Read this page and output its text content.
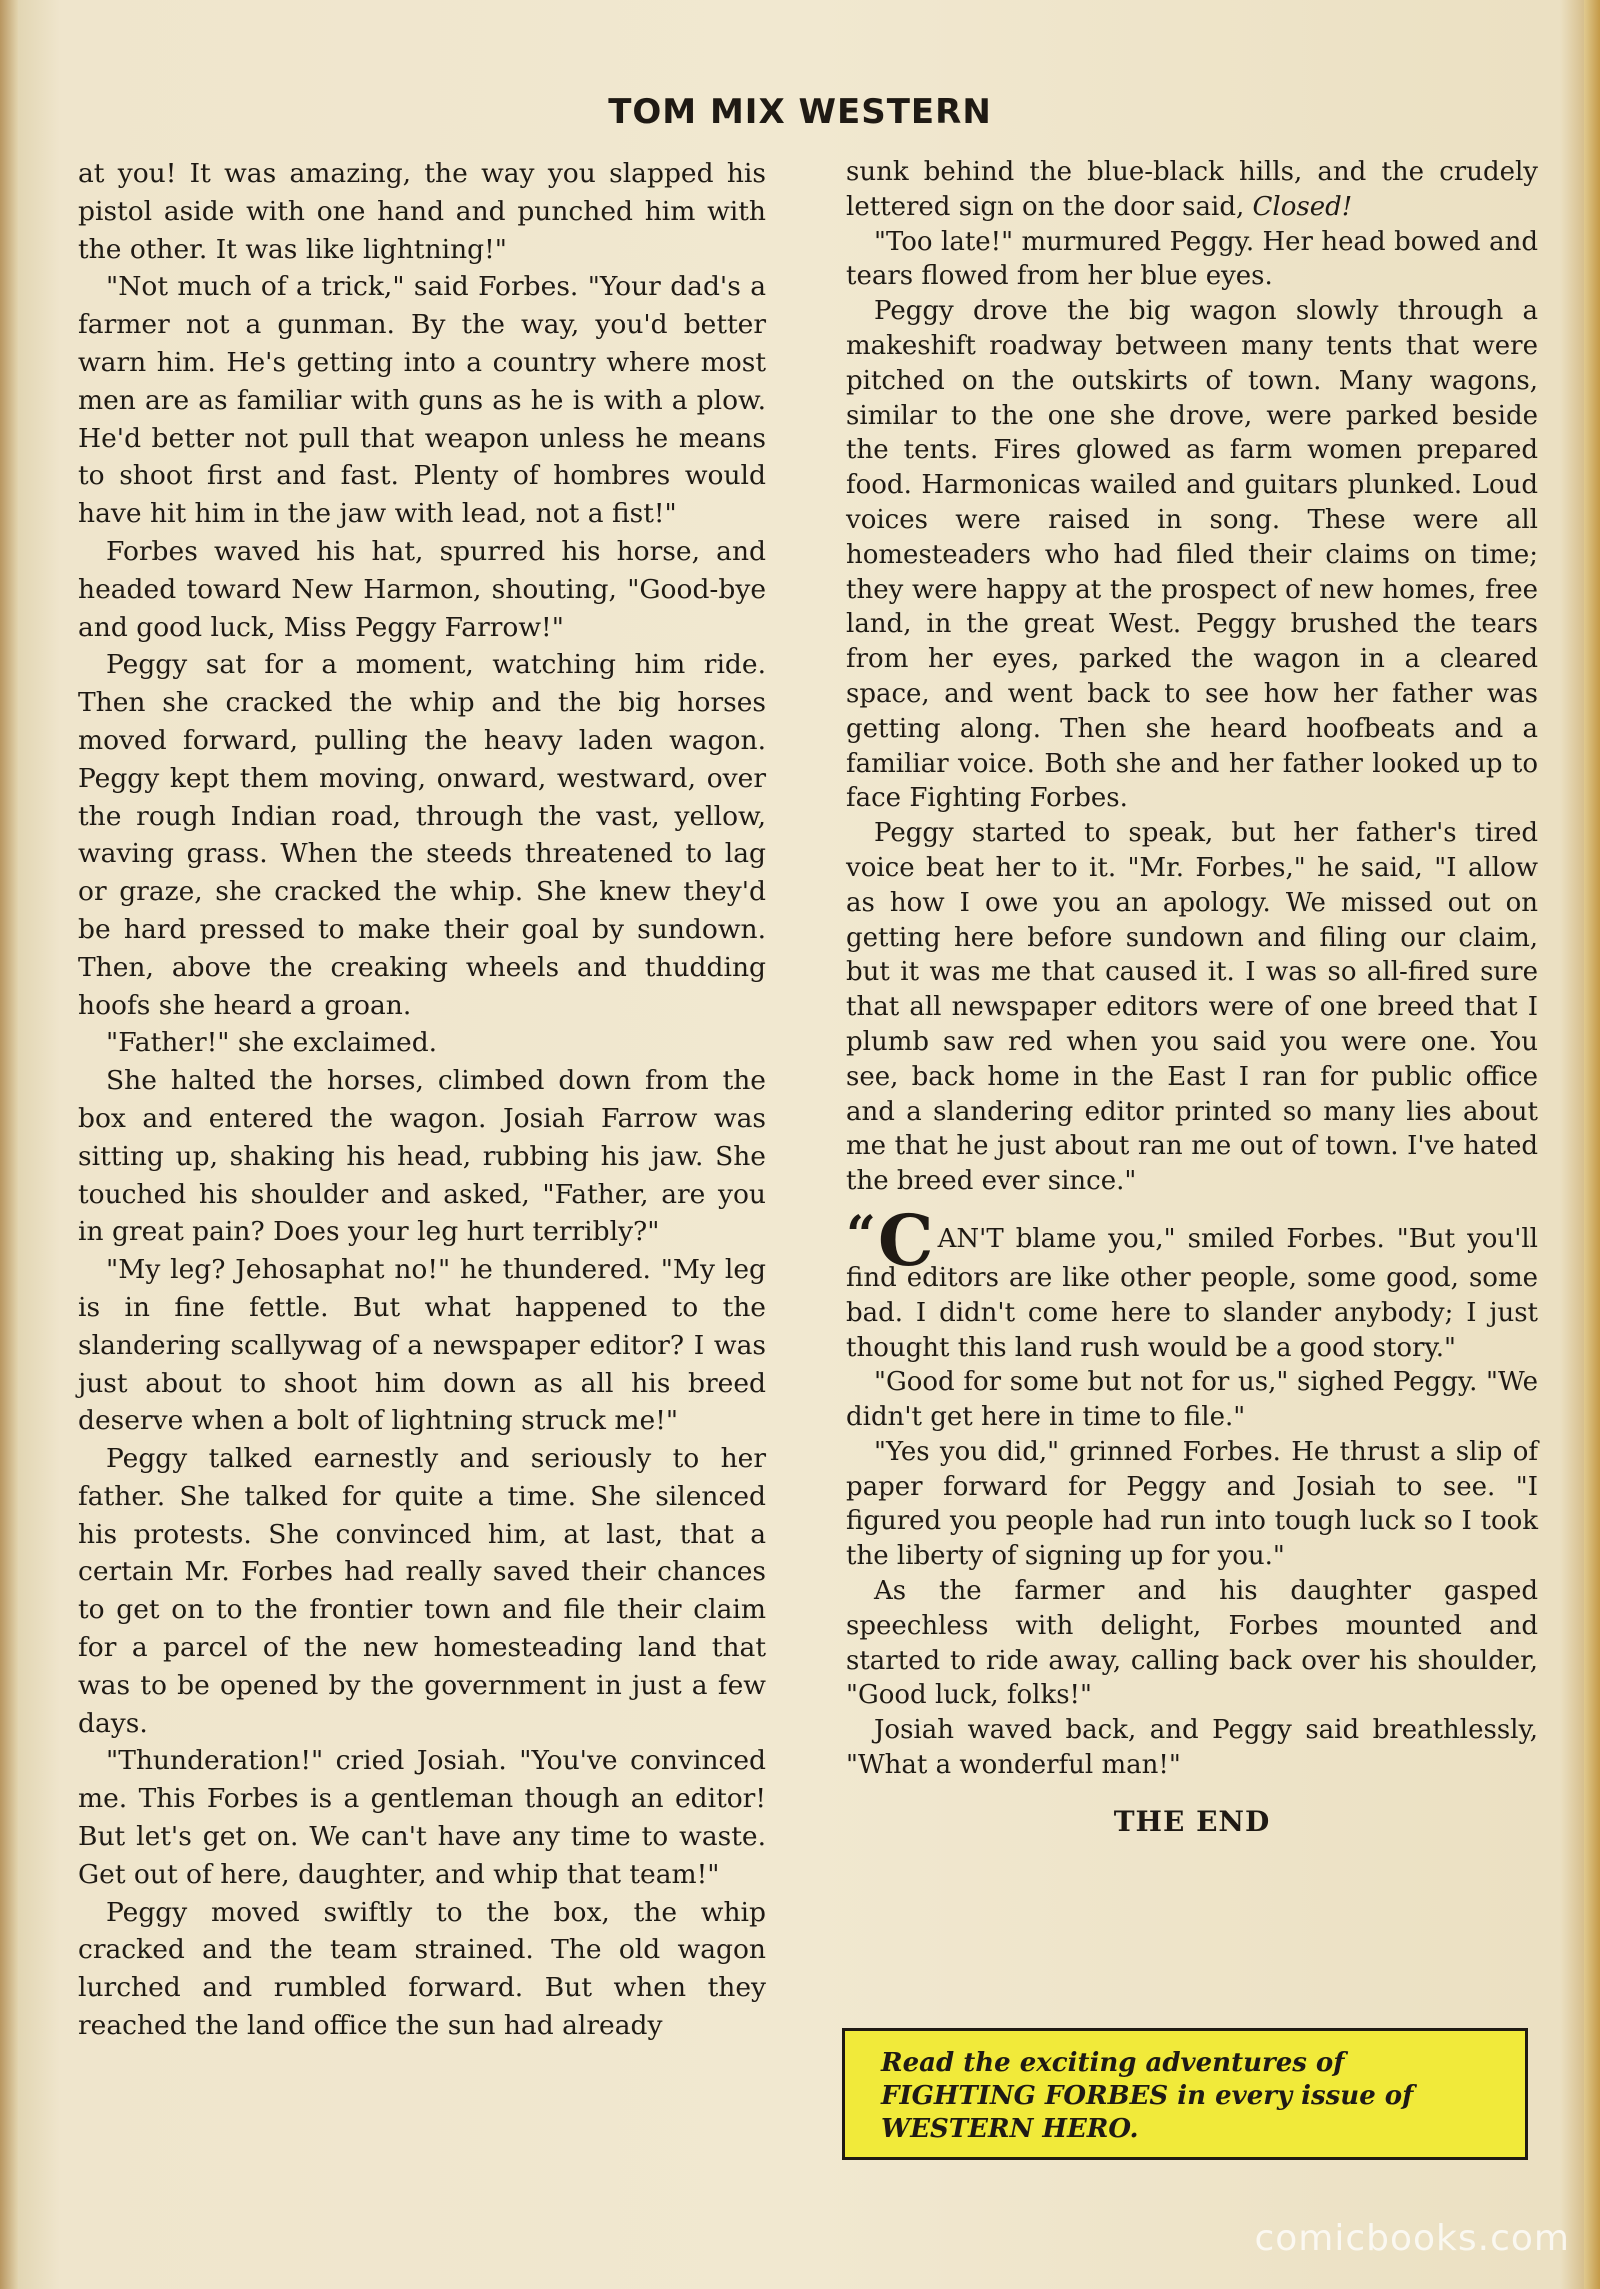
TOM MIX WESTERN

at you! It was amazing, the way you slapped his pistol aside with one hand and punched him with the other. It was like lightning!"

"Not much of a trick," said Forbes. "Your dad's a farmer not a gunman. By the way, you'd better warn him. He's getting into a country where most men are as familiar with guns as he is with a plow. He'd better not pull that weapon unless he means to shoot first and fast. Plenty of hombres would have hit him in the jaw with lead, not a fist!"

Forbes waved his hat, spurred his horse, and headed toward New Harmon, shouting, "Good-bye and good luck, Miss Peggy Farrow!"

Peggy sat for a moment, watching him ride. Then she cracked the whip and the big horses moved forward, pulling the heavy laden wagon. Peggy kept them moving, onward, westward, over the rough Indian road, through the vast, yellow, waving grass. When the steeds threatened to lag or graze, she cracked the whip. She knew they'd be hard pressed to make their goal by sundown. Then, above the creaking wheels and thudding hoofs she heard a groan.

"Father!" she exclaimed.

She halted the horses, climbed down from the box and entered the wagon. Josiah Farrow was sitting up, shaking his head, rubbing his jaw. She touched his shoulder and asked, "Father, are you in great pain? Does your leg hurt terribly?"

"My leg? Jehosaphat no!" he thundered. "My leg is in fine fettle. But what happened to the slandering scallywag of a newspaper editor? I was just about to shoot him down as all his breed deserve when a bolt of lightning struck me!"

Peggy talked earnestly and seriously to her father. She talked for quite a time. She silenced his protests. She convinced him, at last, that a certain Mr. Forbes had really saved their chances to get on to the frontier town and file their claim for a parcel of the new homesteading land that was to be opened by the government in just a few days.

"Thunderation!" cried Josiah. "You've convinced me. This Forbes is a gentleman though an editor! But let's get on. We can't have any time to waste. Get out of here, daughter, and whip that team!"

Peggy moved swiftly to the box, the whip cracked and the team strained. The old wagon lurched and rumbled forward. But when they reached the land office the sun had already

sunk behind the blue-black hills, and the crudely lettered sign on the door said, Closed!

"Too late!" murmured Peggy. Her head bowed and tears flowed from her blue eyes.

Peggy drove the big wagon slowly through a makeshift roadway between many tents that were pitched on the outskirts of town. Many wagons, similar to the one she drove, were parked beside the tents. Fires glowed as farm women prepared food. Harmonicas wailed and guitars plunked. Loud voices were raised in song. These were all homesteaders who had filed their claims on time; they were happy at the prospect of new homes, free land, in the great West. Peggy brushed the tears from her eyes, parked the wagon in a cleared space, and went back to see how her father was getting along. Then she heard hoofbeats and a familiar voice. Both she and her father looked up to face Fighting Forbes.

Peggy started to speak, but her father's tired voice beat her to it. "Mr. Forbes," he said, "I allow as how I owe you an apology. We missed out on getting here before sundown and filing our claim, but it was me that caused it. I was so all-fired sure that all newspaper editors were of one breed that I plumb saw red when you said you were one. You see, back home in the East I ran for public office and a slandering editor printed so many lies about me that he just about ran me out of town. I've hated the breed ever since."

“C AN'T blame you," smiled Forbes. "But you'll find editors are like other people, some good, some bad. I didn't come here to slander anybody; I just thought this land rush would be a good story."

"Good for some but not for us," sighed Peggy. "We didn't get here in time to file."

"Yes you did," grinned Forbes. He thrust a slip of paper forward for Peggy and Josiah to see. "I figured you people had run into tough luck so I took the liberty of signing up for you."

As the farmer and his daughter gasped speechless with delight, Forbes mounted and started to ride away, calling back over his shoulder, "Good luck, folks!"

Josiah waved back, and Peggy said breathlessly, "What a wonderful man!"

THE END
Read the exciting adventures of FIGHTING FORBES in every issue of WESTERN HERO.
comicbooks.com
